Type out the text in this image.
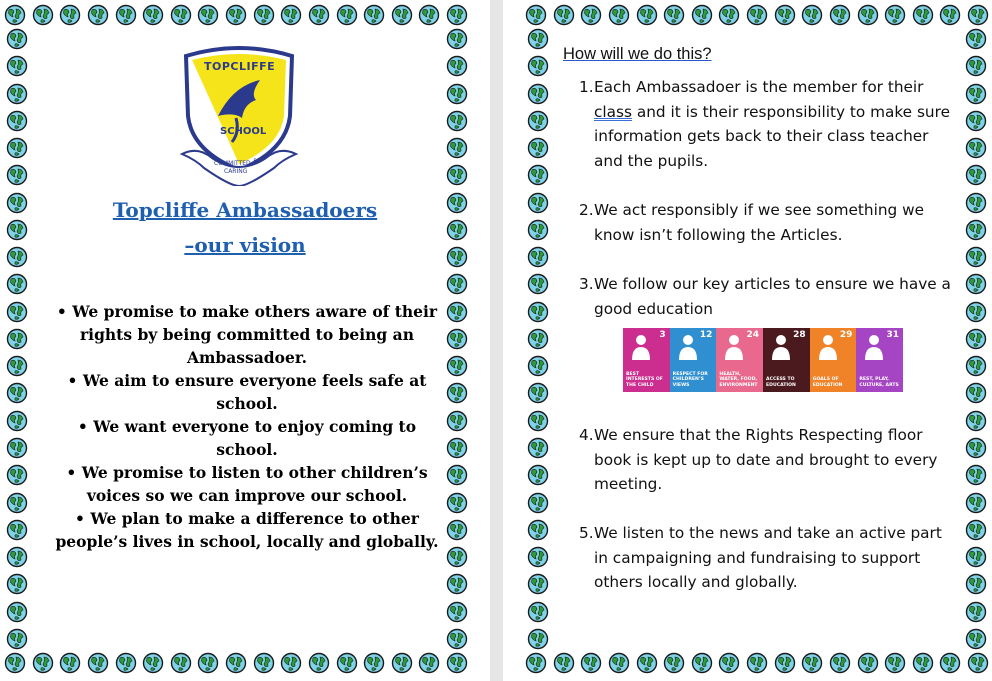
TOPCLIFFE
SCHOOL
COMMITTED &
CARING
Topcliffe Ambassadoers
–our vision
• We promise to make others aware of their rights by being committed to being an Ambassadoer.
• We aim to ensure everyone feels safe at school.
• We want everyone to enjoy coming to school.
• We promise to listen to other children’s voices so we can improve our school.
• We plan to make a difference to other people’s lives in school, locally and globally.
How will we do this?
1. Each Ambassadoer is the member for their class and it is their responsibility to make sure information gets back to their class teacher and the pupils.
2. We act responsibly if we see something we know isn’t following the Articles.
3. We follow our key articles to ensure we have a good education
3
BEST INTERESTS OF THE CHILD
12
RESPECT FOR CHILDREN’S VIEWS
24
HEALTH, WATER, FOOD, ENVIRONMENT
28
ACCESS TO EDUCATION
29
GOALS OF EDUCATION
31
REST, PLAY, CULTURE, ARTS
4. We ensure that the Rights Respecting floor book is kept up to date and brought to every meeting.
5. We listen to the news and take an active part in campaigning and fundraising to support others locally and globally.
